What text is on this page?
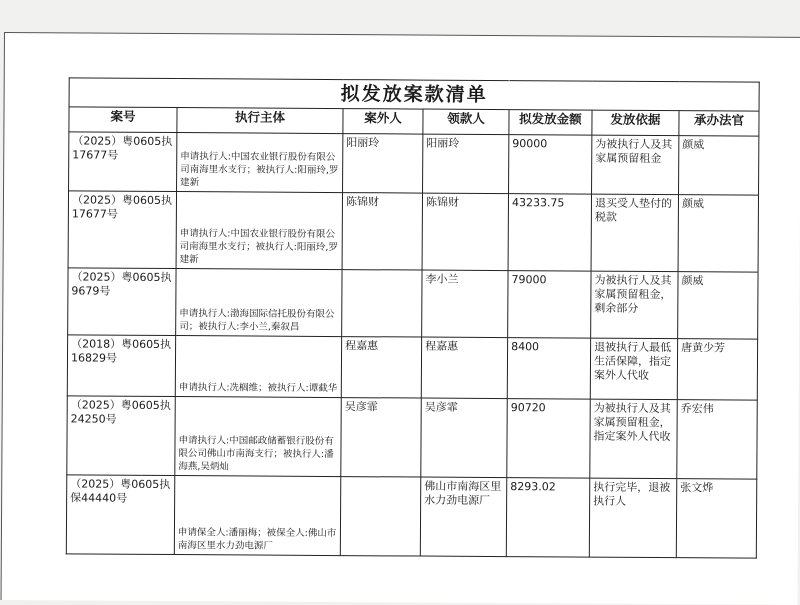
拟发放案款清单						
案号	执行主体	案外人	领款人	拟发放金额	发放依据	承办法官
（2025）粤0605执17677号	申请执行人:中国农业银行股份有限公司南海里水支行；被执行人:阳丽玲,罗建新	阳丽玲	阳丽玲	90000	为被执行人及其家属预留租金	颜威
（2025）粤0605执17677号	申请执行人:中国农业银行股份有限公司南海里水支行；被执行人:阳丽玲,罗建新	陈锦财	陈锦财	43233.75	退买受人垫付的税款	颜威
（2025）粤0605执9679号	申请执行人:渤海国际信托股份有限公司；被执行人:李小兰,秦叙昌		李小兰	79000	为被执行人及其家属预留租金，剩余部分	颜威
（2018）粤0605执16829号	申请执行人:冼榈维；被执行人:谭截华	程嘉惠	程嘉惠	8400	退被执行人最低生活保障，指定案外人代收	唐黄少芳
（2025）粤0605执24250号	申请执行人:中国邮政储蓄银行股份有限公司佛山市南海支行；被执行人:潘海燕,吴炳灿	吴彦霏	吴彦霏	90720	为被执行人及其家属预留租金，指定案外人代收	乔宏伟
（2025）粤0605执保44440号	申请保全人:潘丽梅；被保全人:佛山市南海区里水力劲电源厂		佛山市南海区里水力劲电源厂	8293.02	执行完毕，退被执行人	张文烨
